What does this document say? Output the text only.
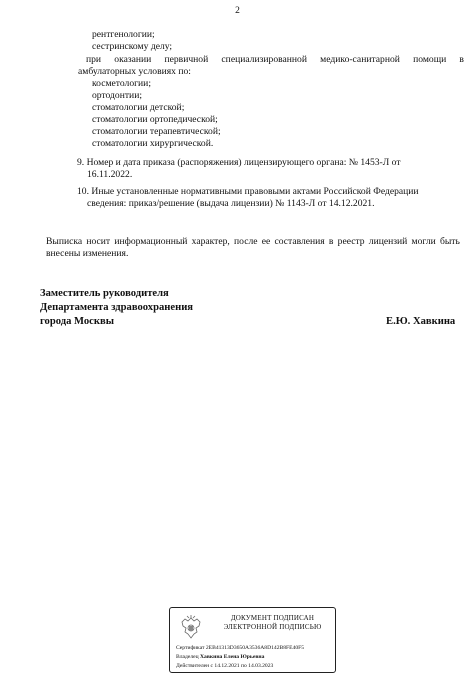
2
рентгенологии;
сестринскому делу;
при оказании первичной специализированной медико-санитарной помощи в
амбулаторных условиях по:
косметологии;
ортодонтии;
стоматологии детской;
стоматологии ортопедической;
стоматологии терапевтической;
стоматологии хирургической.
9. Номер и дата приказа (распоряжения) лицензирующего органа: № 1453-Л от
16.11.2022.
10. Иные установленные нормативными правовыми актами Российской Федерации
сведения: приказ/решение (выдача лицензии) № 1143-Л от 14.12.2021.
Выписка носит информационный характер, после ее составления в реестр лицензий могли быть
внесены изменения.
Заместитель руководителя
Департамента здравоохранения
города Москвы	Е.Ю. Хавкина
ДОКУМЕНТ ПОДПИСАН
ЭЛЕКТРОННОЙ ПОДПИСЬЮ
Сертификат 2EB41313D3650A3536A8D142B8FE40F5
Владелец Хавкина Елена Юрьевна
Действителен с 14.12.2021 по 14.03.2023
